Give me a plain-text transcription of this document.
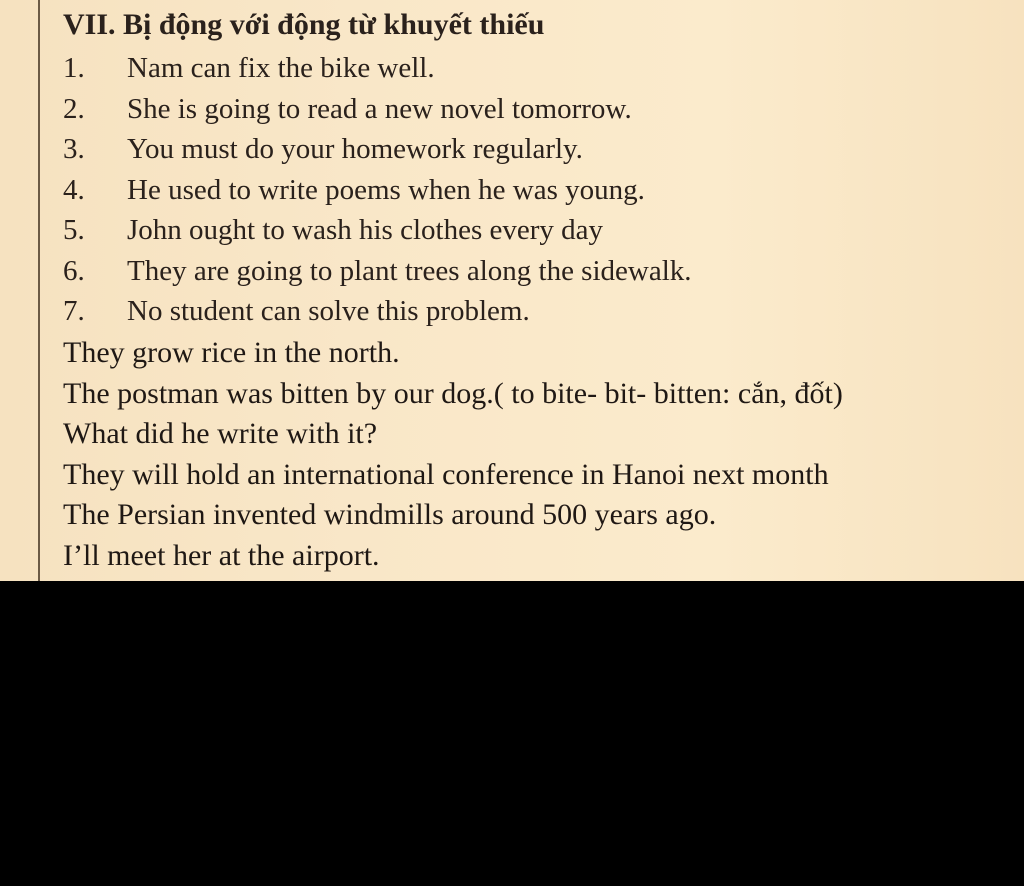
VII. Bị động với động từ khuyết thiếu
1. Nam can fix the bike well.
2. She is going to read a new novel tomorrow.
3. You must do your homework regularly.
4. He used to write poems when he was young.
5. John ought to wash his clothes every day
6. They are going to plant trees along the sidewalk.
7. No student can solve this problem.
They grow rice in the north.
The postman was bitten by our dog.( to bite- bit- bitten: cắn, đốt)
What did he write with it?
They will hold an international conference in Hanoi next month
The Persian invented windmills around 500 years ago.
I’ll meet her at the airport.
